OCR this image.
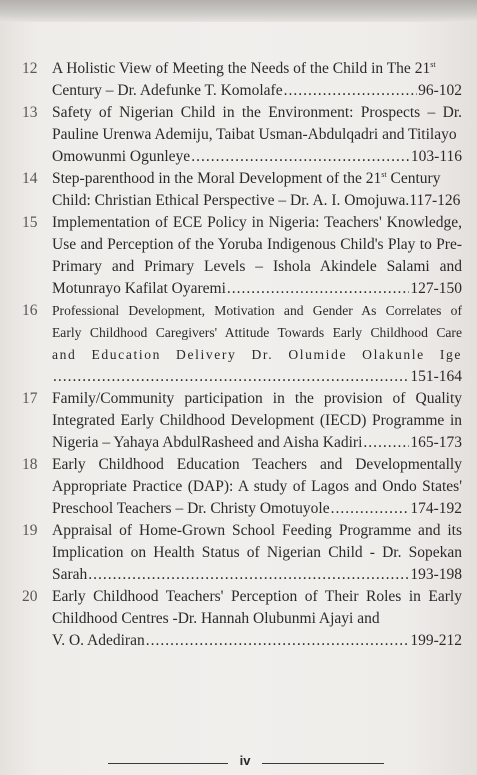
12 A Holistic View of Meeting the Needs of the Child in The 21st
Century – Dr. Adefunke T. Komolafe .....	96-102
13 Safety of Nigerian Child in the Environment: Prospects – Dr.
Pauline Urenwa Ademiju, Taibat Usman-Abdulqadri and Titilayo
Omowunmi Ogunleye .....	103-116
14 Step-parenthood in the Moral Development of the 21st Century
Child: Christian Ethical Perspective – Dr. A. I. Omojuwa.117-126
15 Implementation of ECE Policy in Nigeria: Teachers' Knowledge,
Use and Perception of the Yoruba Indigenous Child's Play to Pre-
Primary and Primary Levels – Ishola Akindele Salami and
Motunrayo Kafilat Oyaremi .....	127-150
16 Professional Development, Motivation and Gender As Correlates of
Early Childhood Caregivers' Attitude Towards Early Childhood Care
and Education Delivery Dr. Olumide Olakunle Ige
.....
151-164
17 Family/Community participation in the provision of Quality
Integrated Early Childhood Development (IECD) Programme in
Nigeria – Yahaya AbdulRasheed and Aisha Kadiri .....	165-173
18 Early Childhood Education Teachers and Developmentally
Appropriate Practice (DAP): A study of Lagos and Ondo States'
Preschool Teachers – Dr. Christy Omotuyole .....	174-192
19 Appraisal of Home-Grown School Feeding Programme and its
Implication on Health Status of Nigerian Child - Dr. Sopekan
Sarah .....	193-198
20 Early Childhood Teachers' Perception of Their Roles in Early
Childhood Centres -Dr. Hannah Olubunmi Ajayi and
V. O. Adediran .....	199-212
iv
